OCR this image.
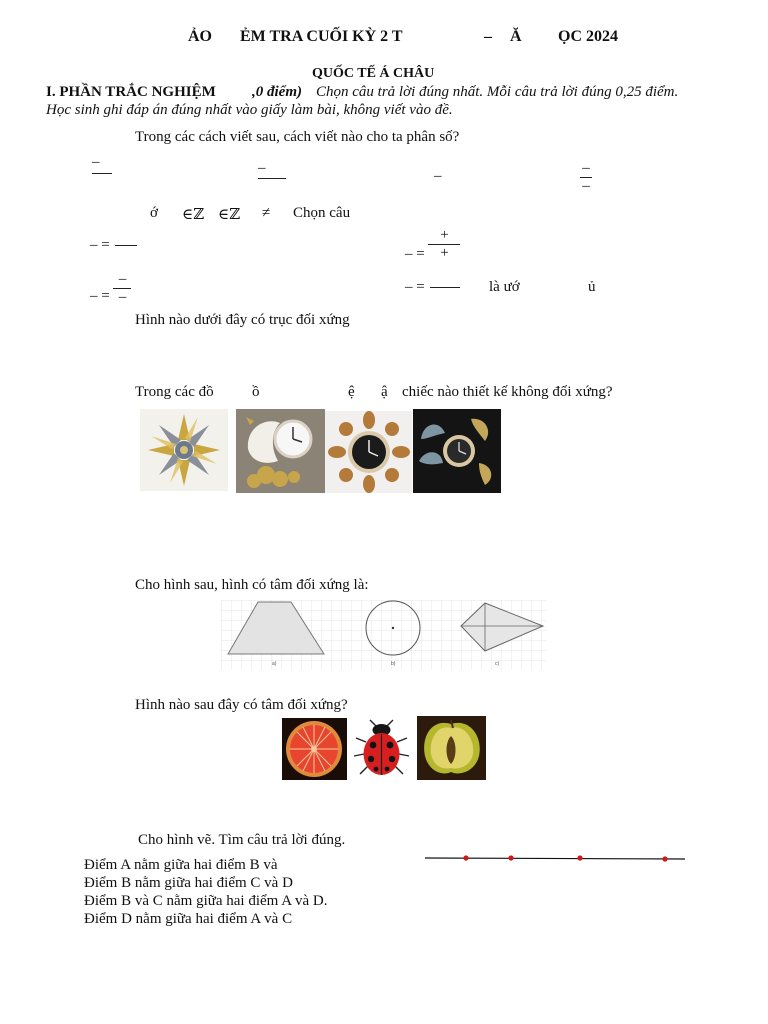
ẢO ẺM TRA CUỐI KỲ 2 T	– Ă ỌC 2024
QUỐC TẾ Á CHÂU
I. PHẦN TRẮC NGHIỆM ,0 điểm) Chọn câu trả lời đúng nhất. Mỗi câu trả lời đúng 0,25 điểm.
Học sinh ghi đáp án đúng nhất vào giấy làm bài, không viết vào đề.
Trong các cách viết sau, cách viết nào cho ta phân số?
–	–	–	–
–
ớ ∈ℤ ∈ℤ ≠ Chọn câu
– =
– = $\frac{+}{+}$
– = $\frac{-}{-}$	– =	là ướ	ủ
Hình nào dưới đây có trục đối xứng
Trong các đồ	ồ	ệ ậ chiếc nào thiết kế không đối xứng?
Cho hình sau, hình có tâm đối xứng là:
a)	b)	c)
Hình nào sau đây có tâm đối xứng?
Cho hình vẽ. Tìm câu trả lời đúng.
Điểm A nằm giữa hai điểm B và
Điểm B nằm giữa hai điểm C và D
Điểm B và C nằm giữa hai điểm A và D.
Điểm D nằm giữa hai điểm A và C
